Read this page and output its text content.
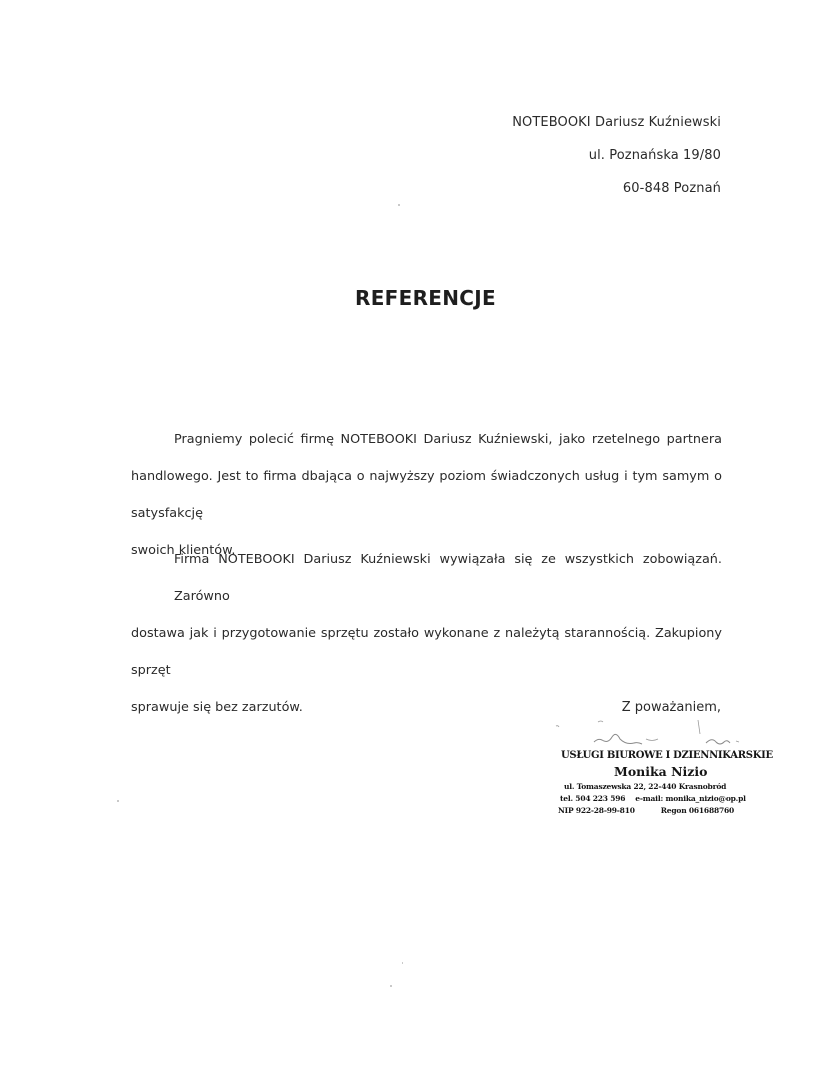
NOTEBOOKI Dariusz Kuźniewski
ul. Poznańska 19/80
60-848 Poznań
REFERENCJE
Pragniemy polecić firmę NOTEBOOKI Dariusz Kuźniewski, jako rzetelnego partnera
handlowego. Jest to firma dbająca o najwyższy poziom świadczonych usług i tym samym o satysfakcję
swoich klientów.
Firma NOTEBOOKI Dariusz Kuźniewski wywiązała się ze wszystkich zobowiązań. Zarówno
dostawa jak i przygotowanie sprzętu zostało wykonane z należytą starannością. Zakupiony sprzęt
sprawuje się bez zarzutów.	Z poważaniem,
USŁUGI BIUROWE I DZIENNIKARSKIE
Monika Nizio
ul. Tomaszewska 22, 22-440 Krasnobród
tel. 504 223 596 e-mail: monika_nizio@op.pl
NIP 922-28-99-810	Regon 061688760
